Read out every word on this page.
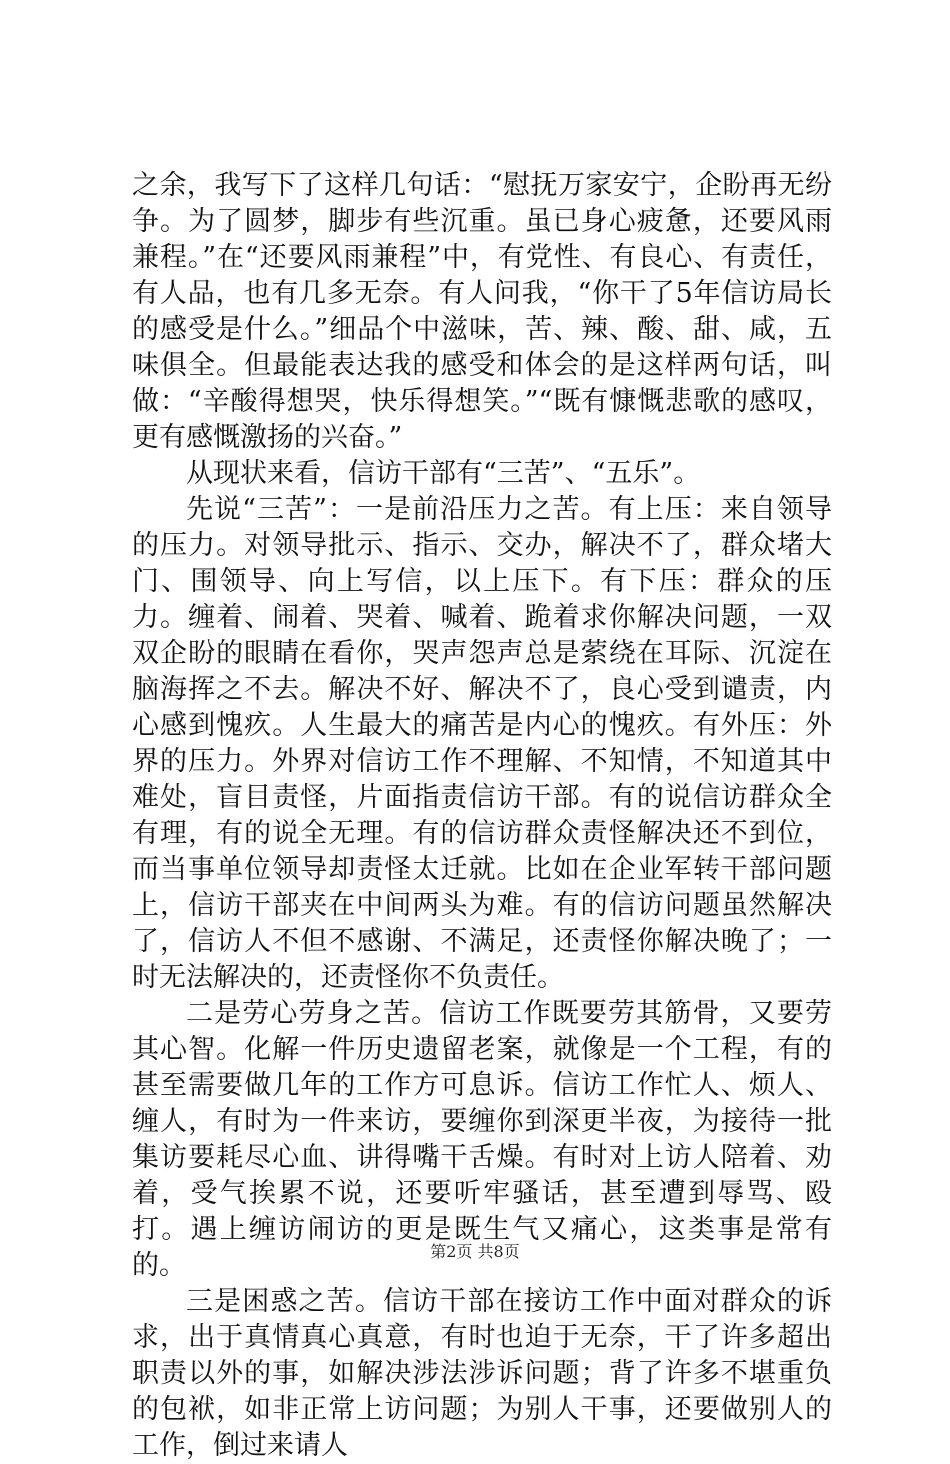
之余，我写下了这样几句话：“慰抚万家安宁，企盼再无纷争。为了圆梦，脚步有些沉重。虽已身心疲惫，还要风雨兼程。”在“还要风雨兼程”中，有党性、有良心、有责任，有人品，也有几多无奈。有人问我，“你干了5年信访局长的感受是什么。”细品个中滋味，苦、辣、酸、甜、咸，五味俱全。但最能表达我的感受和体会的是这样两句话，叫做：“辛酸得想哭，快乐得想笑。”“既有慷慨悲歌的感叹，更有感慨激扬的兴奋。”

从现状来看，信访干部有“三苦”、“五乐”。

先说“三苦”：一是前沿压力之苦。有上压：来自领导的压力。对领导批示、指示、交办，解决不了，群众堵大门、围领导、向上写信，以上压下。有下压：群众的压力。缠着、闹着、哭着、喊着、跪着求你解决问题，一双双企盼的眼睛在看你，哭声怨声总是萦绕在耳际、沉淀在脑海挥之不去。解决不好、解决不了，良心受到谴责，内心感到愧疚。人生最大的痛苦是内心的愧疚。有外压：外界的压力。外界对信访工作不理解、不知情，不知道其中难处，盲目责怪，片面指责信访干部。有的说信访群众全有理，有的说全无理。有的信访群众责怪解决还不到位，而当事单位领导却责怪太迁就。比如在企业军转干部问题上，信访干部夹在中间两头为难。有的信访问题虽然解决了，信访人不但不感谢、不满足，还责怪你解决晚了；一时无法解决的，还责怪你不负责任。

二是劳心劳身之苦。信访工作既要劳其筋骨，又要劳其心智。化解一件历史遗留老案，就像是一个工程，有的甚至需要做几年的工作方可息诉。信访工作忙人、烦人、缠人，有时为一件来访，要缠你到深更半夜，为接待一批集访要耗尽心血、讲得嘴干舌燥。有时对上访人陪着、劝着，受气挨累不说，还要听牢骚话，甚至遭到辱骂、殴打。遇上缠访闹访的更是既生气又痛心，这类事是常有的。

三是困惑之苦。信访干部在接访工作中面对群众的诉求，出于真情真心真意，有时也迫于无奈，干了许多超出职责以外的事，如解决涉法涉诉问题；背了许多不堪重负的包袱，如非正常上访问题；为别人干事，还要做别人的工作，倒过来请人

第2页 共8页
